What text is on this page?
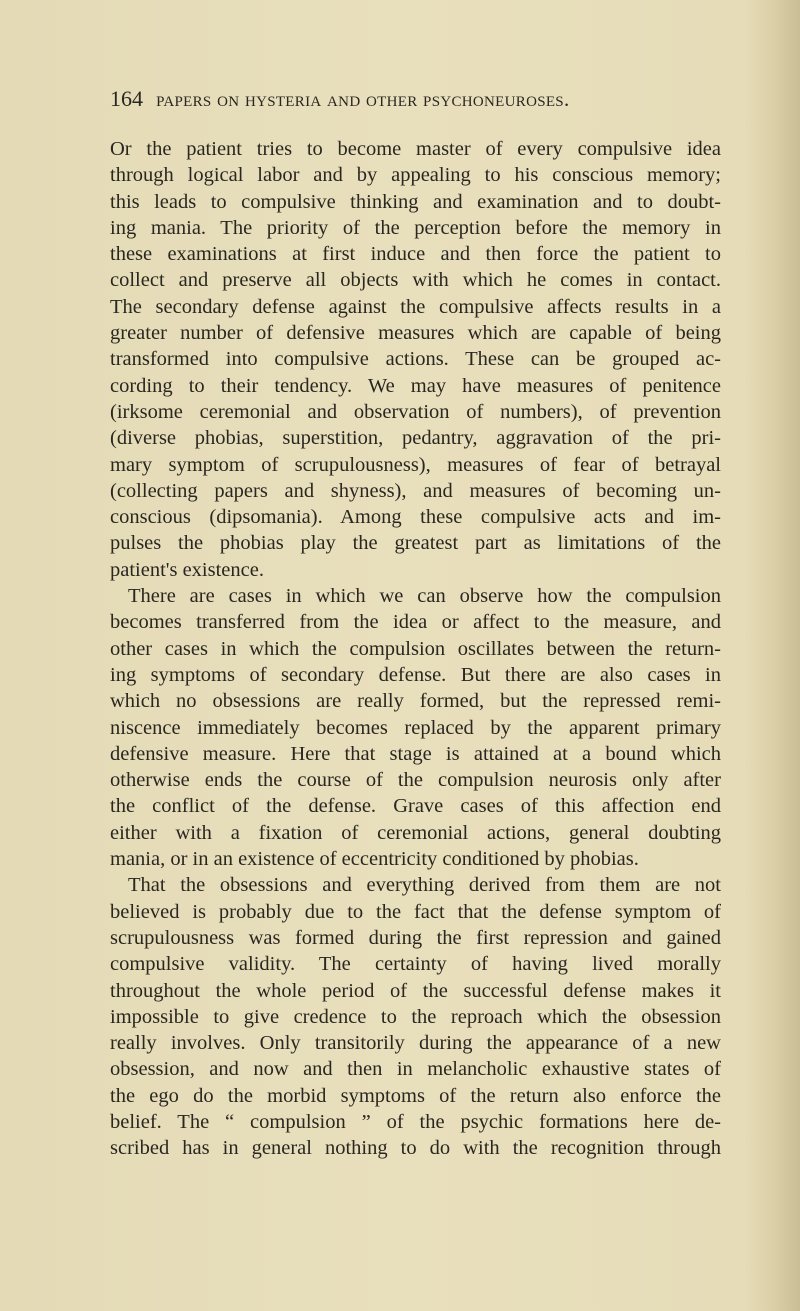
164 papers on hysteria and other psychoneuroses.
Or the patient tries to become master of every compulsive idea
through logical labor and by appealing to his conscious memory;
this leads to compulsive thinking and examination and to doubt-
ing mania. The priority of the perception before the memory in
these examinations at first induce and then force the patient to
collect and preserve all objects with which he comes in contact.
The secondary defense against the compulsive affects results in a
greater number of defensive measures which are capable of being
transformed into compulsive actions. These can be grouped ac-
cording to their tendency. We may have measures of penitence
(irksome ceremonial and observation of numbers), of prevention
(diverse phobias, superstition, pedantry, aggravation of the pri-
mary symptom of scrupulousness), measures of fear of betrayal
(collecting papers and shyness), and measures of becoming un-
conscious (dipsomania). Among these compulsive acts and im-
pulses the phobias play the greatest part as limitations of the
patient's existence.
There are cases in which we can observe how the compulsion
becomes transferred from the idea or affect to the measure, and
other cases in which the compulsion oscillates between the return-
ing symptoms of secondary defense. But there are also cases in
which no obsessions are really formed, but the repressed remi-
niscence immediately becomes replaced by the apparent primary
defensive measure. Here that stage is attained at a bound which
otherwise ends the course of the compulsion neurosis only after
the conflict of the defense. Grave cases of this affection end
either with a fixation of ceremonial actions, general doubting
mania, or in an existence of eccentricity conditioned by phobias.
That the obsessions and everything derived from them are not
believed is probably due to the fact that the defense symptom of
scrupulousness was formed during the first repression and gained
compulsive validity. The certainty of having lived morally
throughout the whole period of the successful defense makes it
impossible to give credence to the reproach which the obsession
really involves. Only transitorily during the appearance of a new
obsession, and now and then in melancholic exhaustive states of
the ego do the morbid symptoms of the return also enforce the
belief. The “ compulsion ” of the psychic formations here de-
scribed has in general nothing to do with the recognition through
